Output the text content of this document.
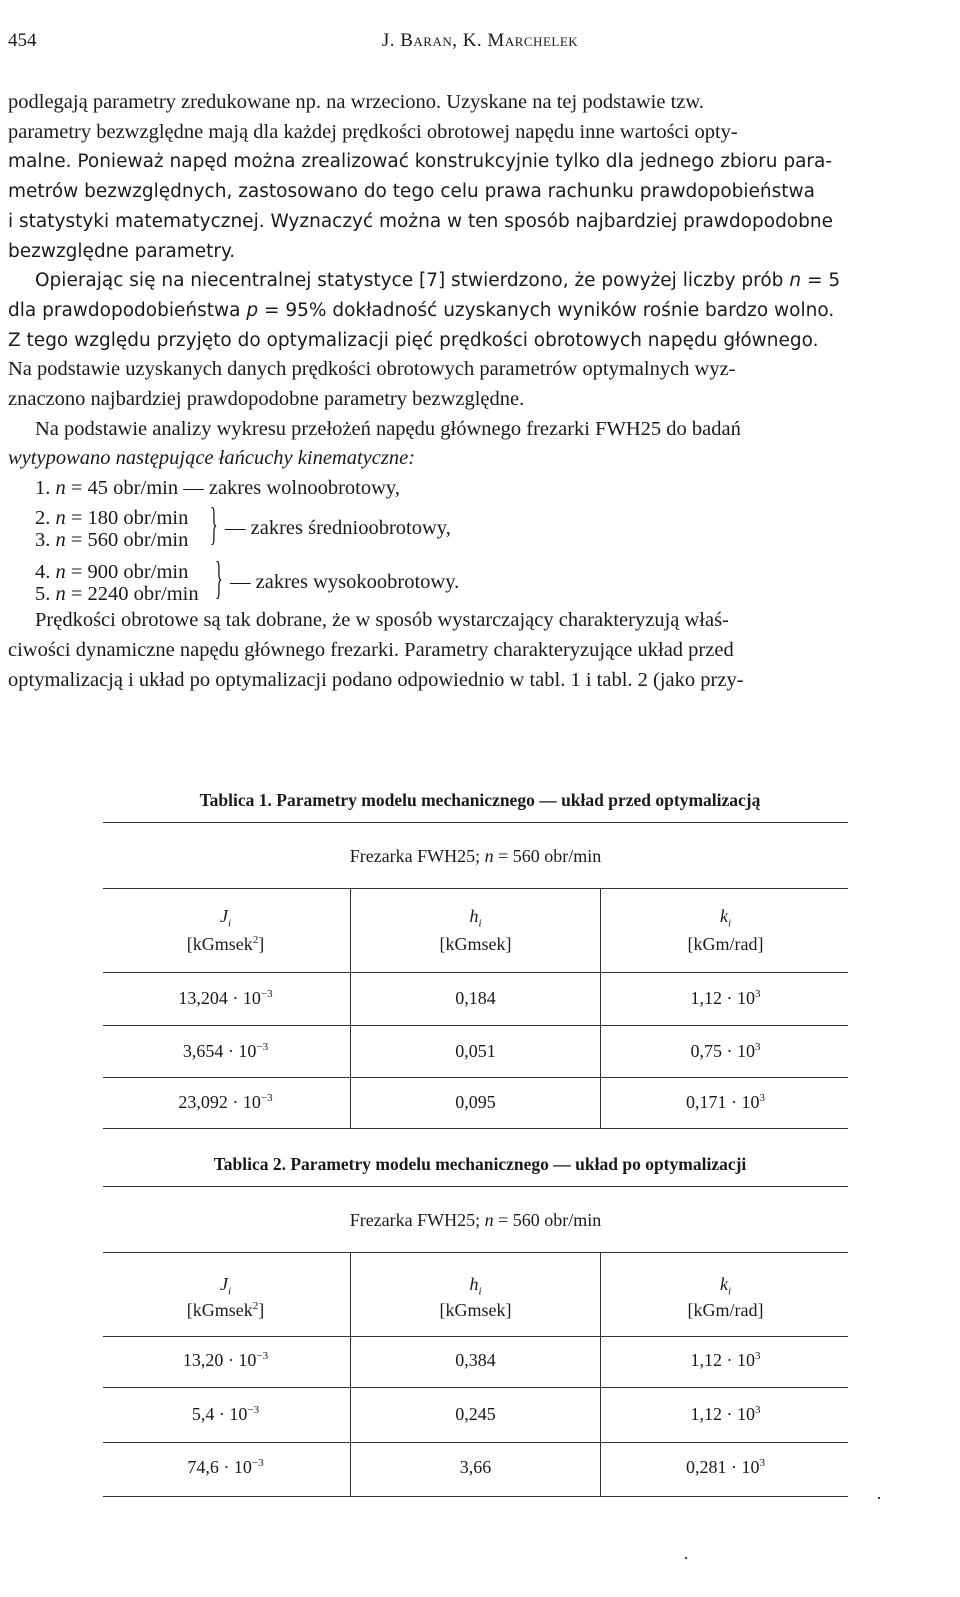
454	J. Baran, K. Marchelek

podlegają parametry zredukowane np. na wrzeciono. Uzyskane na tej podstawie tzw.
parametry bezwzględne mają dla każdej prędkości obrotowej napędu inne wartości opty-
malne. Ponieważ napęd można zrealizować konstrukcyjnie tylko dla jednego zbioru para-
metrów bezwzględnych, zastosowano do tego celu prawa rachunku prawdopobieństwa
i statystyki matematycznej. Wyznaczyć można w ten sposób najbardziej prawdopodobne
bezwzględne parametry.

Opierając się na niecentralnej statystyce [7] stwierdzono, że powyżej liczby prób n = 5
dla prawdopodobieństwa p = 95% dokładność uzyskanych wyników rośnie bardzo wolno.
Z tego względu przyjęto do optymalizacji pięć prędkości obrotowych napędu głównego.

Na podstawie uzyskanych danych prędkości obrotowych parametrów optymalnych wyz-
znaczono najbardziej prawdopodobne parametry bezwzględne.

Na podstawie analizy wykresu przełożeń napędu głównego frezarki FWH25 do badań
wytypowano następujące łańcuchy kinematyczne:

1. n = 45 obr/min — zakres wolnoobrotowy,
2. n = 180 obr/min
3. n = 560 obr/min } — zakres średnioobrotowy,
4. n = 900 obr/min
5. n = 2240 obr/min } — zakres wysokoobrotowy.

Prędkości obrotowe są tak dobrane, że w sposób wystarczający charakteryzują właś-
ciwości dynamiczne napędu głównego frezarki. Parametry charakteryzujące układ przed
optymalizacją i układ po optymalizacji podano odpowiednio w tabl. 1 i tabl. 2 (jako przy-

Tablica 1. Parametry modelu mechanicznego — układ przed optymalizacją
Frezarka FWH25; n = 560 obr/min
$J_i$	$h_i$	$k_i$
[kGmsek$^2$]	[kGmsek]	[kGm/rad]
$13,204 \cdot 10^{-3}$	0,184	$1,12 \cdot 10^3$
$3,654 \cdot 10^{-3}$	0,051	$0,75 \cdot 10^3$
$23,092 \cdot 10^{-3}$	0,095	$0,171 \cdot 10^3$
Tablica 2. Parametry modelu mechanicznego — układ po optymalizacji
Frezarka FWH25; n = 560 obr/min
$J_i$	$h_i$	$k_i$
[kGmsek$^2$]	[kGmsek]	[kGm/rad]
$13,20 \cdot 10^{-3}$	0,384	$1,12 \cdot 10^3$
$5,4 \cdot 10^{-3}$	0,245	$1,12 \cdot 10^3$
$74,6 \cdot 10^{-3}$	3,66	$0,281 \cdot 10^3$
·
·
